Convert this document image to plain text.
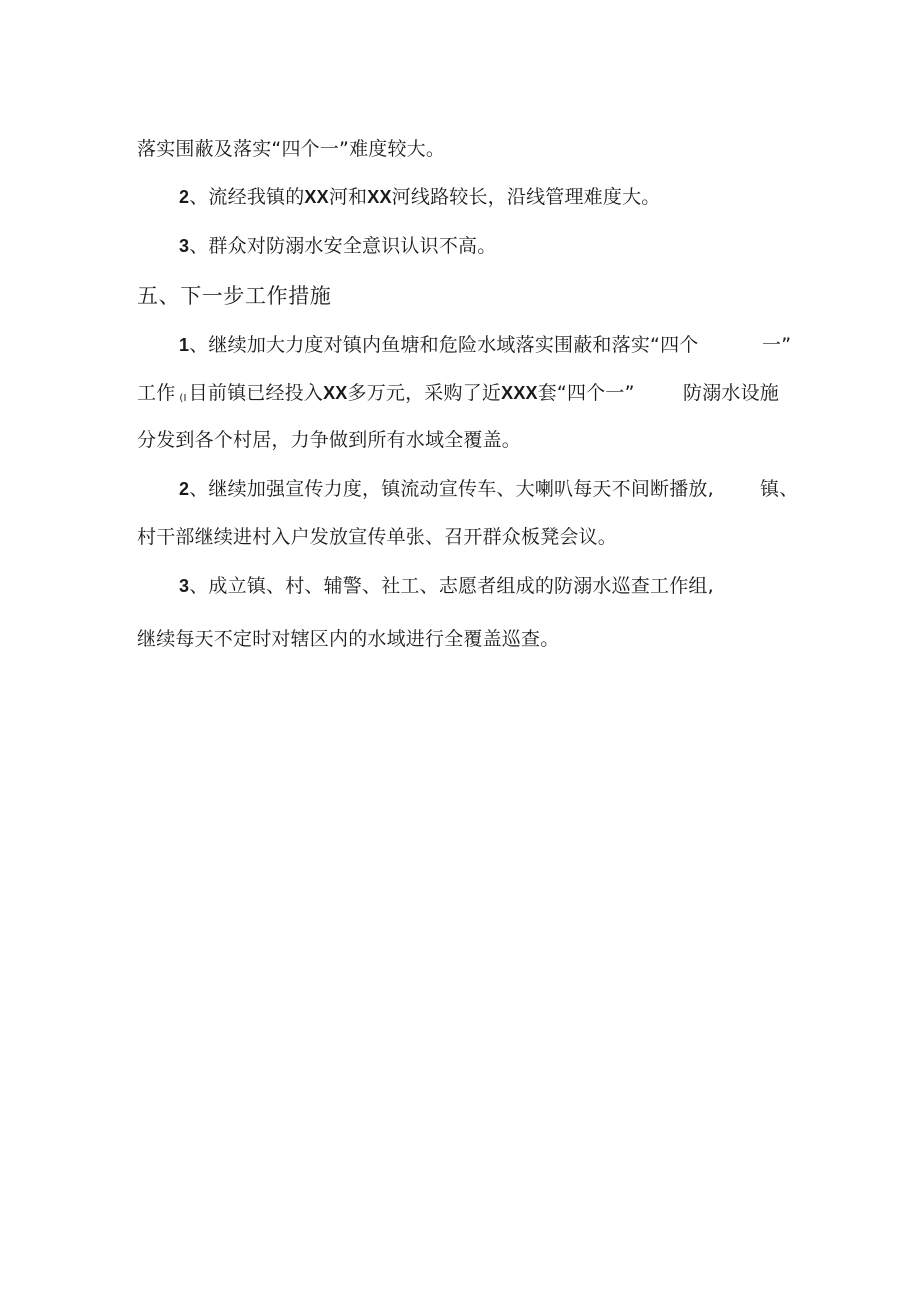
落实围蔽及落实“四个一”难度较大。
2、流经我镇的XX河和XX河线路较长，沿线管理难度大。
3、群众对防溺水安全意识认识不高。
五、下一步工作措施
1、继续加大力度对镇内鱼塘和危险水域落实围蔽和落实“四个	一”
工作 (I 目前镇已经投入XX多万元，采购了近XXX套“四个一”	防溺水设施
分发到各个村居，力争做到所有水域全覆盖。
2、继续加强宣传力度，镇流动宣传车、大喇叭每天不间断播放, 镇、
村干部继续进村入户发放宣传单张、召开群众板凳会议。
3、成立镇、村、辅警、社工、志愿者组成的防溺水巡查工作组,
继续每天不定时对辖区内的水域进行全覆盖巡查。
